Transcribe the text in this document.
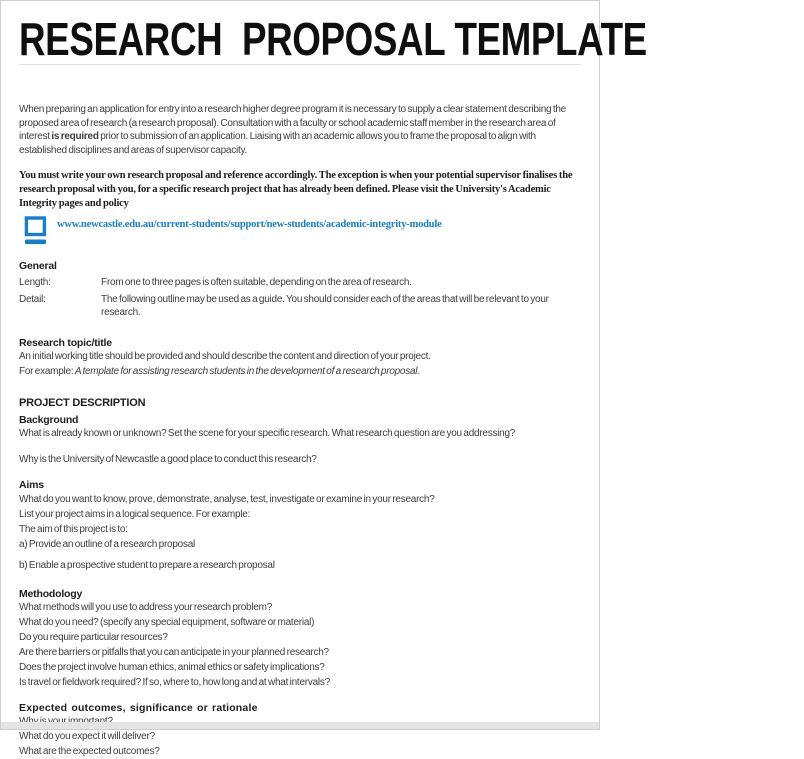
RESEARCH  PROPOSAL TEMPLATE
When preparing an application for entry into a research higher degree program it is necessary to supply a clear statement describing the proposed area of research (a research proposal). Consultation with a faculty or school academic staff member in the research area of interest is required prior to submission of an application. Liaising with an academic allows you to frame the proposal to align with established disciplines and areas of supervisor capacity.
You must write your own research proposal and reference accordingly. The exception is when your potential supervisor finalises the research proposal with you, for a specific research project that has already been defined. Please visit the University's Academic Integrity pages and policy
www.newcastle.edu.au/current-students/support/new-students/academic-integrity-module
General
Length:	From one to three pages is often suitable, depending on the area of research.
Detail:	The following outline may be used as a guide. You should consider each of the areas that will be relevant to your research.
Research topic/title
An initial working title should be provided and should describe the content and direction of your project.
For example: A template for assisting research students in the development of a research proposal.
PROJECT DESCRIPTION
Background
What is already known or unknown? Set the scene for your specific research. What research question are you addressing?
Why is the University of Newcastle a good place to conduct this research?
Aims
What do you want to know, prove, demonstrate, analyse, test, investigate or examine in your research?
List your project aims in a logical sequence. For example:
The aim of this project is to:
a) Provide an outline of a research proposal
b) Enable a prospective student to prepare a research proposal
Methodology
What methods will you use to address your research problem?
What do you need? (specify any special equipment, software or material)
Do you require particular resources?
Are there barriers or pitfalls that you can anticipate in your planned research?
Does the project involve human ethics, animal ethics or safety implications?
Is travel or fieldwork required? If so, where to, how long and at what intervals?
Expected outcomes, significance or rationale
What do you expect it will deliver?
What are the expected outcomes?
